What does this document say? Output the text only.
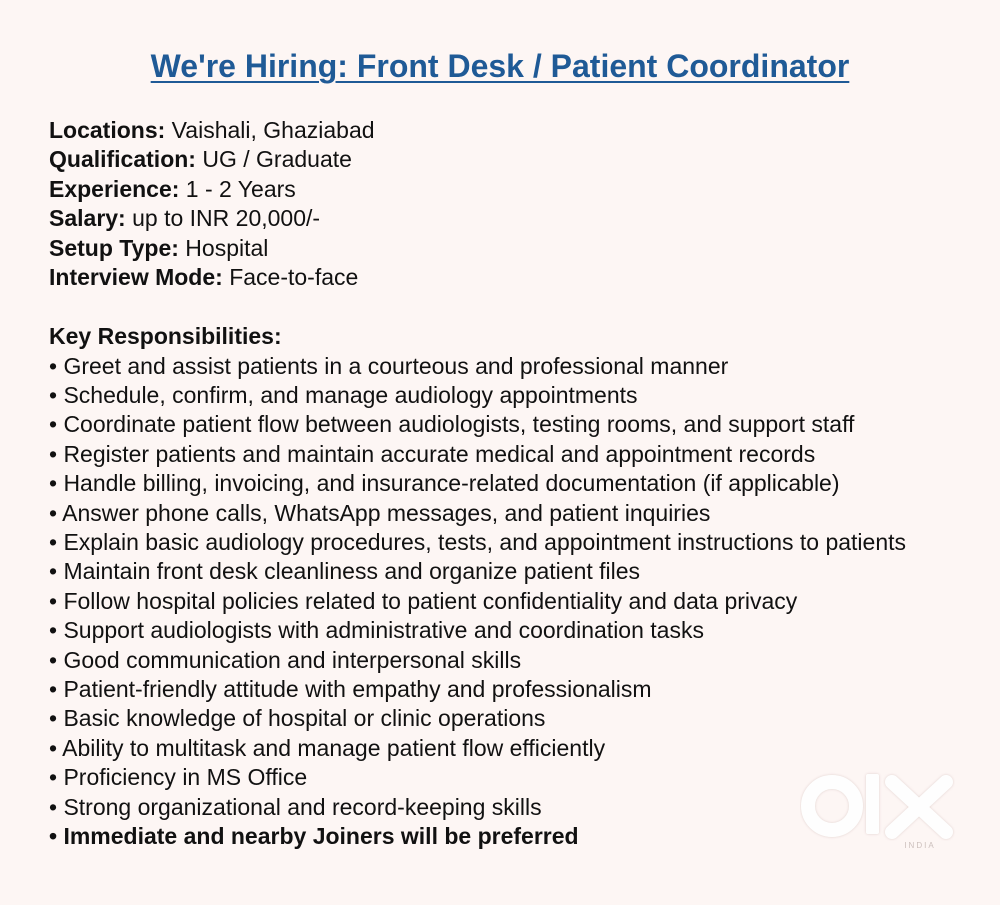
We're Hiring: Front Desk / Patient Coordinator
Locations: Vaishali, Ghaziabad
Qualification: UG / Graduate
Experience: 1 - 2 Years
Salary: up to INR 20,000/-
Setup Type: Hospital
Interview Mode: Face-to-face
Key Responsibilities:
• Greet and assist patients in a courteous and professional manner
• Schedule, confirm, and manage audiology appointments
• Coordinate patient flow between audiologists, testing rooms, and support staff
• Register patients and maintain accurate medical and appointment records
• Handle billing, invoicing, and insurance-related documentation (if applicable)
• Answer phone calls, WhatsApp messages, and patient inquiries
• Explain basic audiology procedures, tests, and appointment instructions to patients
• Maintain front desk cleanliness and organize patient files
• Follow hospital policies related to patient confidentiality and data privacy
• Support audiologists with administrative and coordination tasks
• Good communication and interpersonal skills
• Patient-friendly attitude with empathy and professionalism
• Basic knowledge of hospital or clinic operations
• Ability to multitask and manage patient flow efficiently
• Proficiency in MS Office
• Strong organizational and record-keeping skills
• Immediate and nearby Joiners will be preferred	INDIA
